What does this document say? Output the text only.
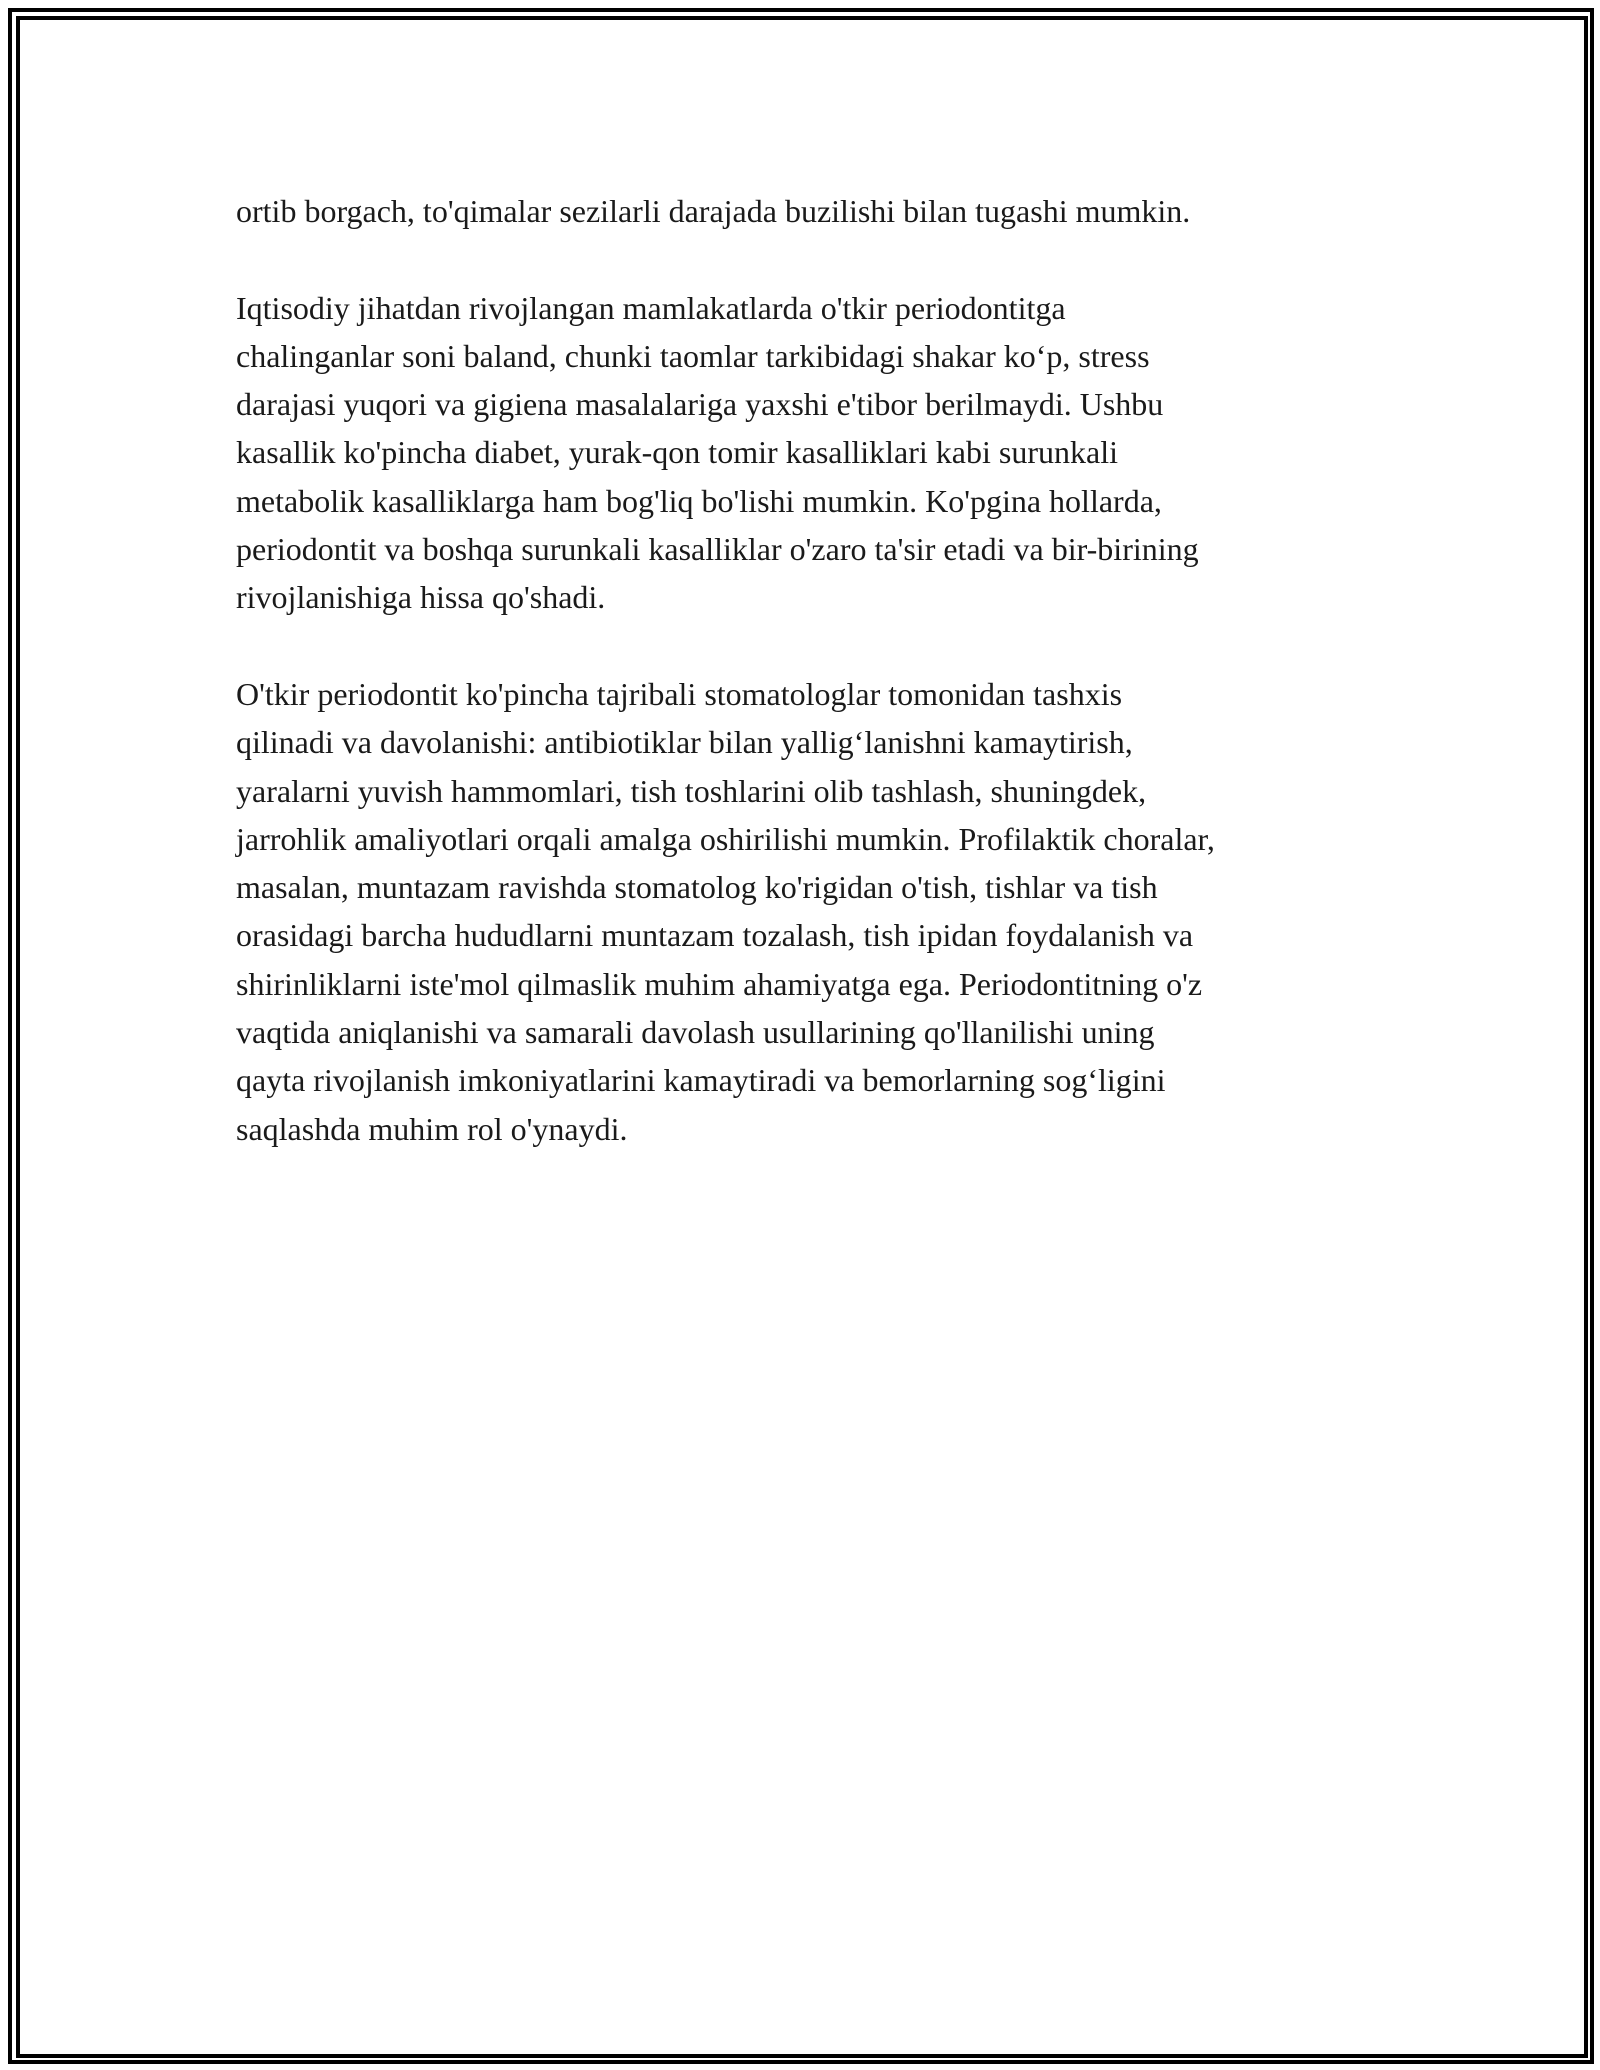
ortib borgach, to'qimalar sezilarli darajada buzilishi bilan tugashi mumkin.

Iqtisodiy jihatdan rivojlangan mamlakatlarda o'tkir periodontitga
chalinganlar soni baland, chunki taomlar tarkibidagi shakar ko‘p, stress
darajasi yuqori va gigiena masalalariga yaxshi e'tibor berilmaydi. Ushbu
kasallik ko'pincha diabet, yurak-qon tomir kasalliklari kabi surunkali
metabolik kasalliklarga ham bog'liq bo'lishi mumkin. Ko'pgina hollarda,
periodontit va boshqa surunkali kasalliklar o'zaro ta'sir etadi va bir-birining
rivojlanishiga hissa qo'shadi.

O'tkir periodontit ko'pincha tajribali stomatologlar tomonidan tashxis
qilinadi va davolanishi: antibiotiklar bilan yallig‘lanishni kamaytirish,
yaralarni yuvish hammomlari, tish toshlarini olib tashlash, shuningdek,
jarrohlik amaliyotlari orqali amalga oshirilishi mumkin. Profilaktik choralar,
masalan, muntazam ravishda stomatolog ko'rigidan o'tish, tishlar va tish
orasidagi barcha hududlarni muntazam tozalash, tish ipidan foydalanish va
shirinliklarni iste'mol qilmaslik muhim ahamiyatga ega. Periodontitning o'z
vaqtida aniqlanishi va samarali davolash usullarining qo'llanilishi uning
qayta rivojlanish imkoniyatlarini kamaytiradi va bemorlarning sog‘ligini
saqlashda muhim rol o'ynaydi.
